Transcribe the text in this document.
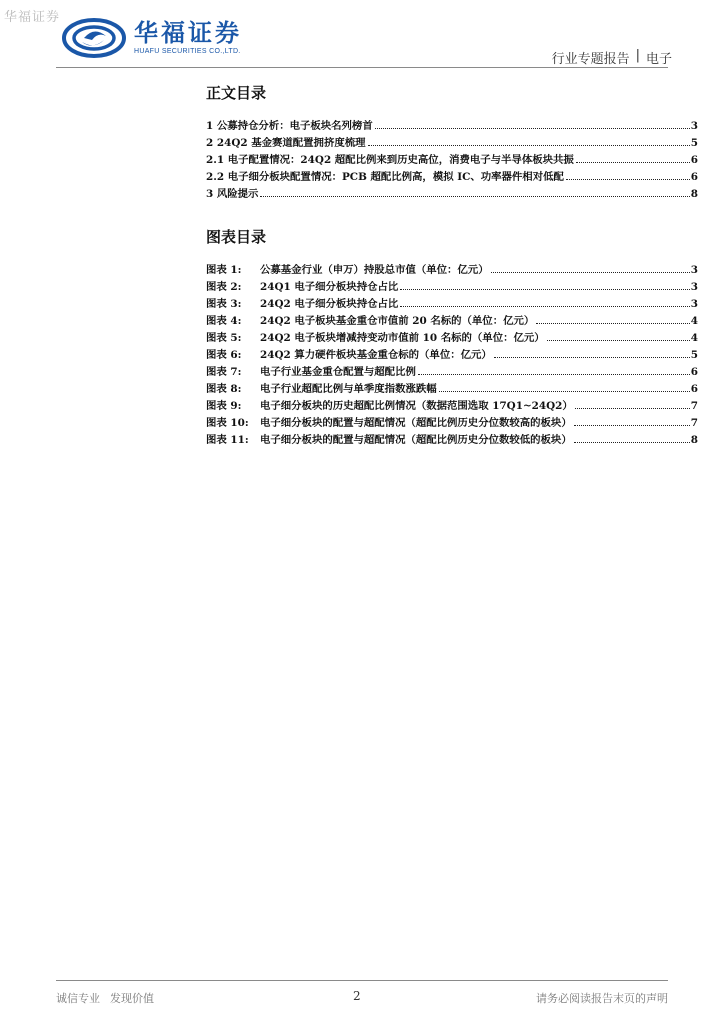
华福证券
华福证券
HUAFU SECURITIES CO.,LTD.
行业专题报告 | 电子
正文目录
1 公募持仓分析：电子板块名列榜首	3
2 24Q2 基金赛道配置拥挤度梳理	5
2.1 电子配置情况：24Q2 超配比例来到历史高位，消费电子与半导体板块共振	6
2.2 电子细分板块配置情况：PCB 超配比例高，模拟 IC、功率器件相对低配	6
3 风险提示	8
图表目录
图表 1: 公募基金行业（申万）持股总市值（单位：亿元）	3
图表 2: 24Q1 电子细分板块持仓占比	3
图表 3: 24Q2 电子细分板块持仓占比	3
图表 4: 24Q2 电子板块基金重仓市值前 20 名标的（单位：亿元）	4
图表 5: 24Q2 电子板块增减持变动市值前 10 名标的（单位：亿元）	4
图表 6: 24Q2 算力硬件板块基金重仓标的（单位：亿元）	5
图表 7: 电子行业基金重仓配置与超配比例	6
图表 8: 电子行业超配比例与单季度指数涨跌幅	6
图表 9: 电子细分板块的历史超配比例情况（数据范围选取 17Q1~24Q2）	7
图表 10: 电子细分板块的配置与超配情况（超配比例历史分位数较高的板块）	7
图表 11: 电子细分板块的配置与超配情况（超配比例历史分位数较低的板块）	8
诚信专业 发现价值	2	请务必阅读报告末页的声明
